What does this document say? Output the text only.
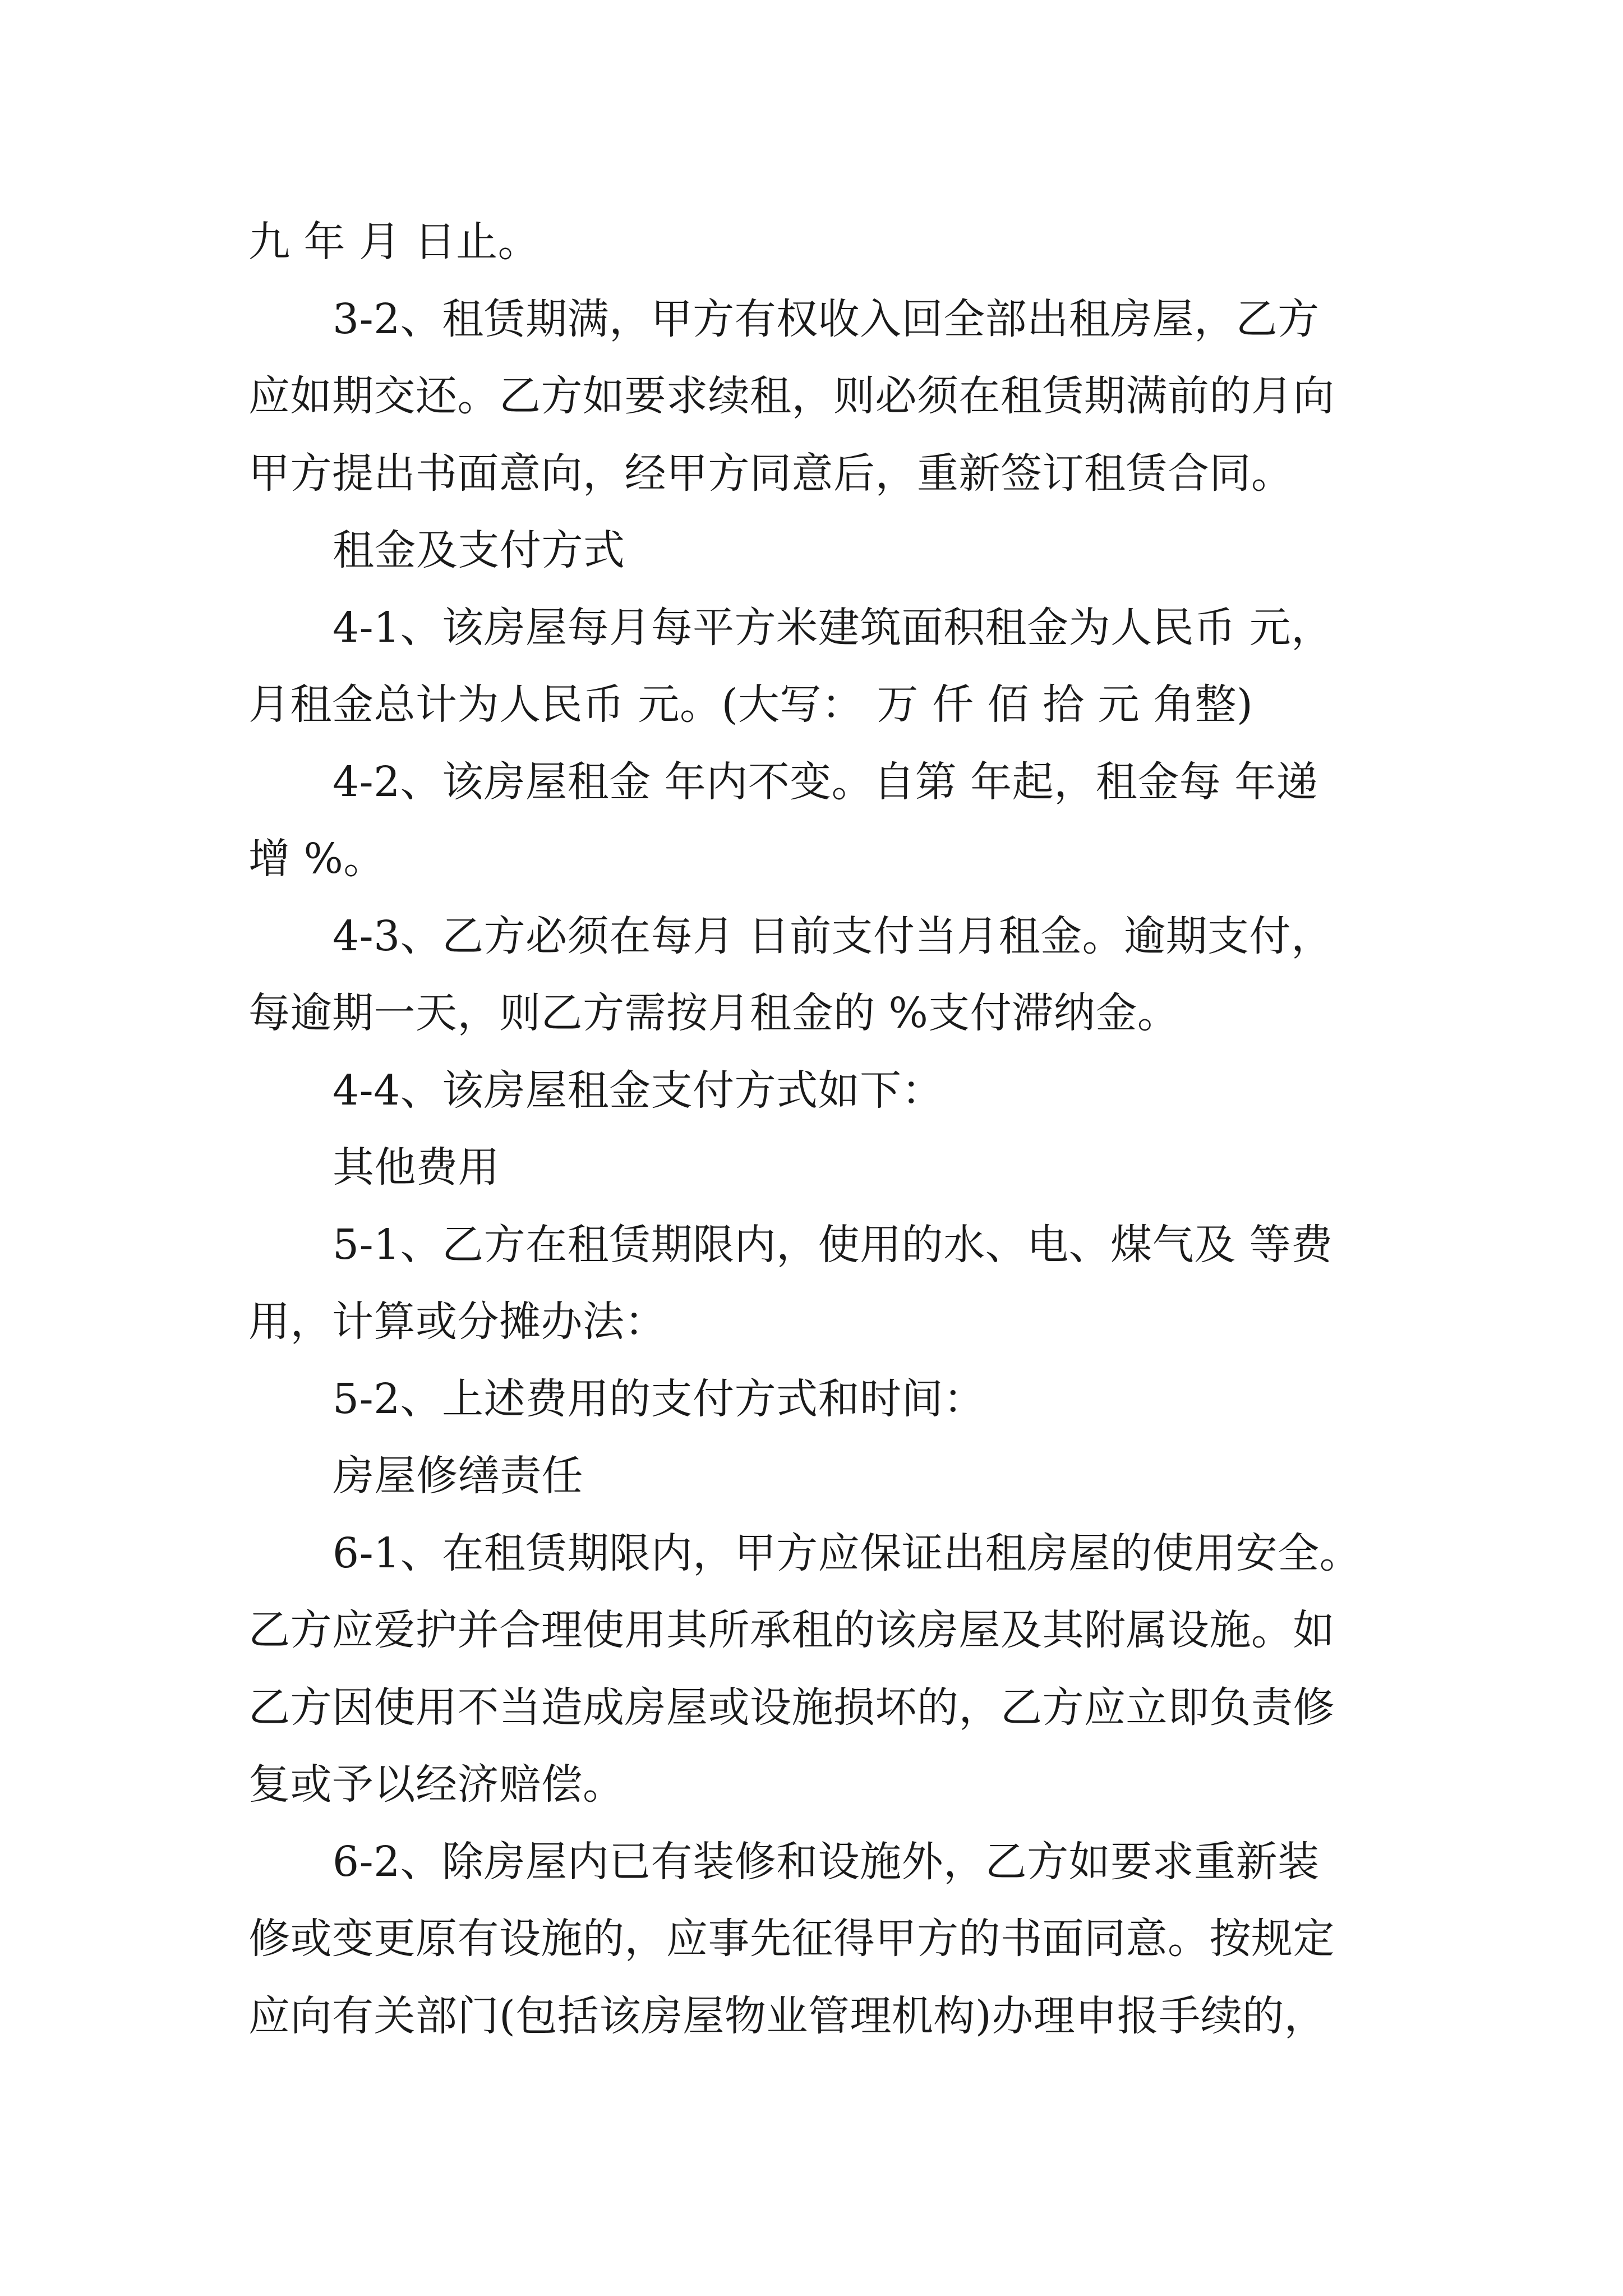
九 年 月 日止。
3-2、租赁期满，甲方有权收入回全部出租房屋，乙方
应如期交还。乙方如要求续租，则必须在租赁期满前的月向
甲方提出书面意向，经甲方同意后，重新签订租赁合同。
租金及支付方式
4-1、该房屋每月每平方米建筑面积租金为人民币 元，
月租金总计为人民币 元。(大写： 万 仟 佰 拾 元 角整)
4-2、该房屋租金 年内不变。自第 年起，租金每 年递
增 %。
4-3、乙方必须在每月 日前支付当月租金。逾期支付，
每逾期一天，则乙方需按月租金的 %支付滞纳金。
4-4、该房屋租金支付方式如下：
其他费用
5-1、乙方在租赁期限内，使用的水、电、煤气及 等费
用，计算或分摊办法：
5-2、上述费用的支付方式和时间：
房屋修缮责任
6-1、在租赁期限内，甲方应保证出租房屋的使用安全。
乙方应爱护并合理使用其所承租的该房屋及其附属设施。如
乙方因使用不当造成房屋或设施损坏的，乙方应立即负责修
复或予以经济赔偿。
6-2、除房屋内已有装修和设施外，乙方如要求重新装
修或变更原有设施的，应事先征得甲方的书面同意。按规定
应向有关部门(包括该房屋物业管理机构)办理申报手续的，
